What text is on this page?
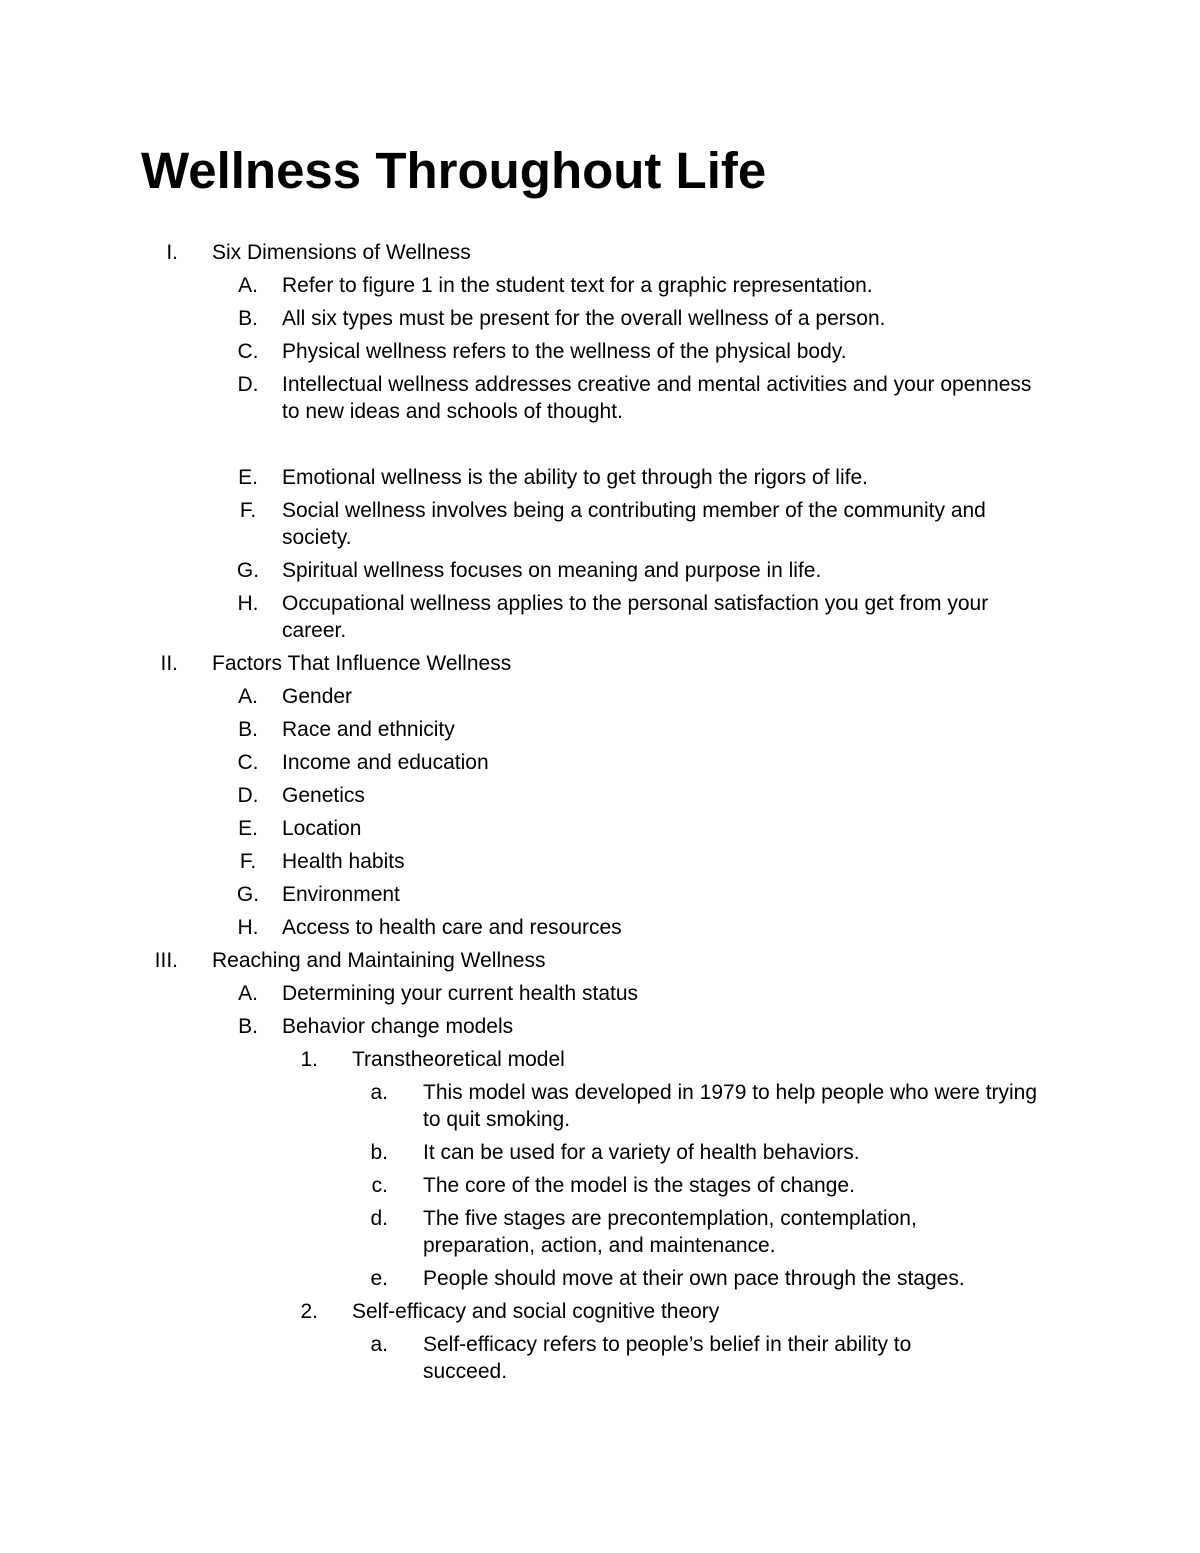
Wellness Throughout Life
I. Six Dimensions of Wellness
A. Refer to figure 1 in the student text for a graphic representation.
B. All six types must be present for the overall wellness of a person.
C. Physical wellness refers to the wellness of the physical body.
D. Intellectual wellness addresses creative and mental activities and your openness to new ideas and schools of thought.
E. Emotional wellness is the ability to get through the rigors of life.
F. Social wellness involves being a contributing member of the community and society.
G. Spiritual wellness focuses on meaning and purpose in life.
H. Occupational wellness applies to the personal satisfaction you get from your career.
II. Factors That Influence Wellness
A. Gender
B. Race and ethnicity
C. Income and education
D. Genetics
E. Location
F. Health habits
G. Environment
H. Access to health care and resources
III. Reaching and Maintaining Wellness
A. Determining your current health status
B. Behavior change models
1. Transtheoretical model
a. This model was developed in 1979 to help people who were trying to quit smoking.
b. It can be used for a variety of health behaviors.
c. The core of the model is the stages of change.
d. The five stages are precontemplation, contemplation, preparation, action, and maintenance.
e. People should move at their own pace through the stages.
2. Self-efficacy and social cognitive theory
a. Self-efficacy refers to people’s belief in their ability to succeed.
